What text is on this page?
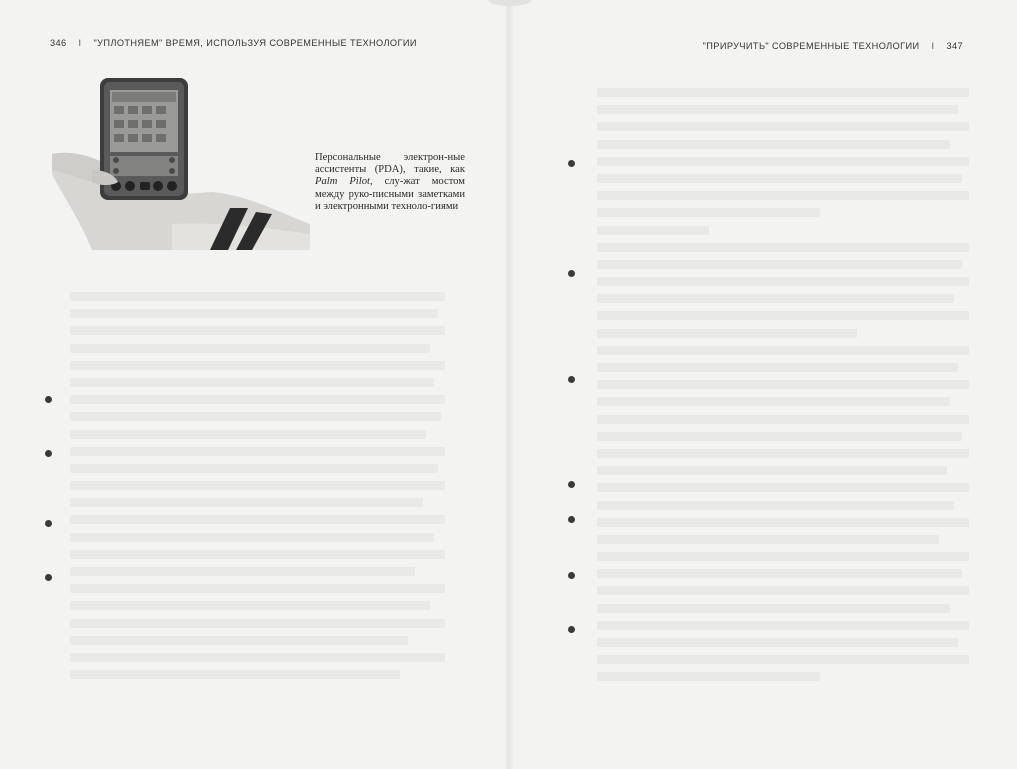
346 I "УПЛОТНЯЕМ" ВРЕМЯ, ИСПОЛЬЗУЯ СОВРЕМЕННЫЕ ТЕХНОЛОГИИ
Персональные электрон-ные ассистенты (PDA), такие, как Palm Pilot, слу-жат мостом между руко-писными заметками и электронными техноло-гиями
"ПРИРУЧИТЬ" СОВРЕМЕННЫЕ ТЕХНОЛОГИИ I 347
